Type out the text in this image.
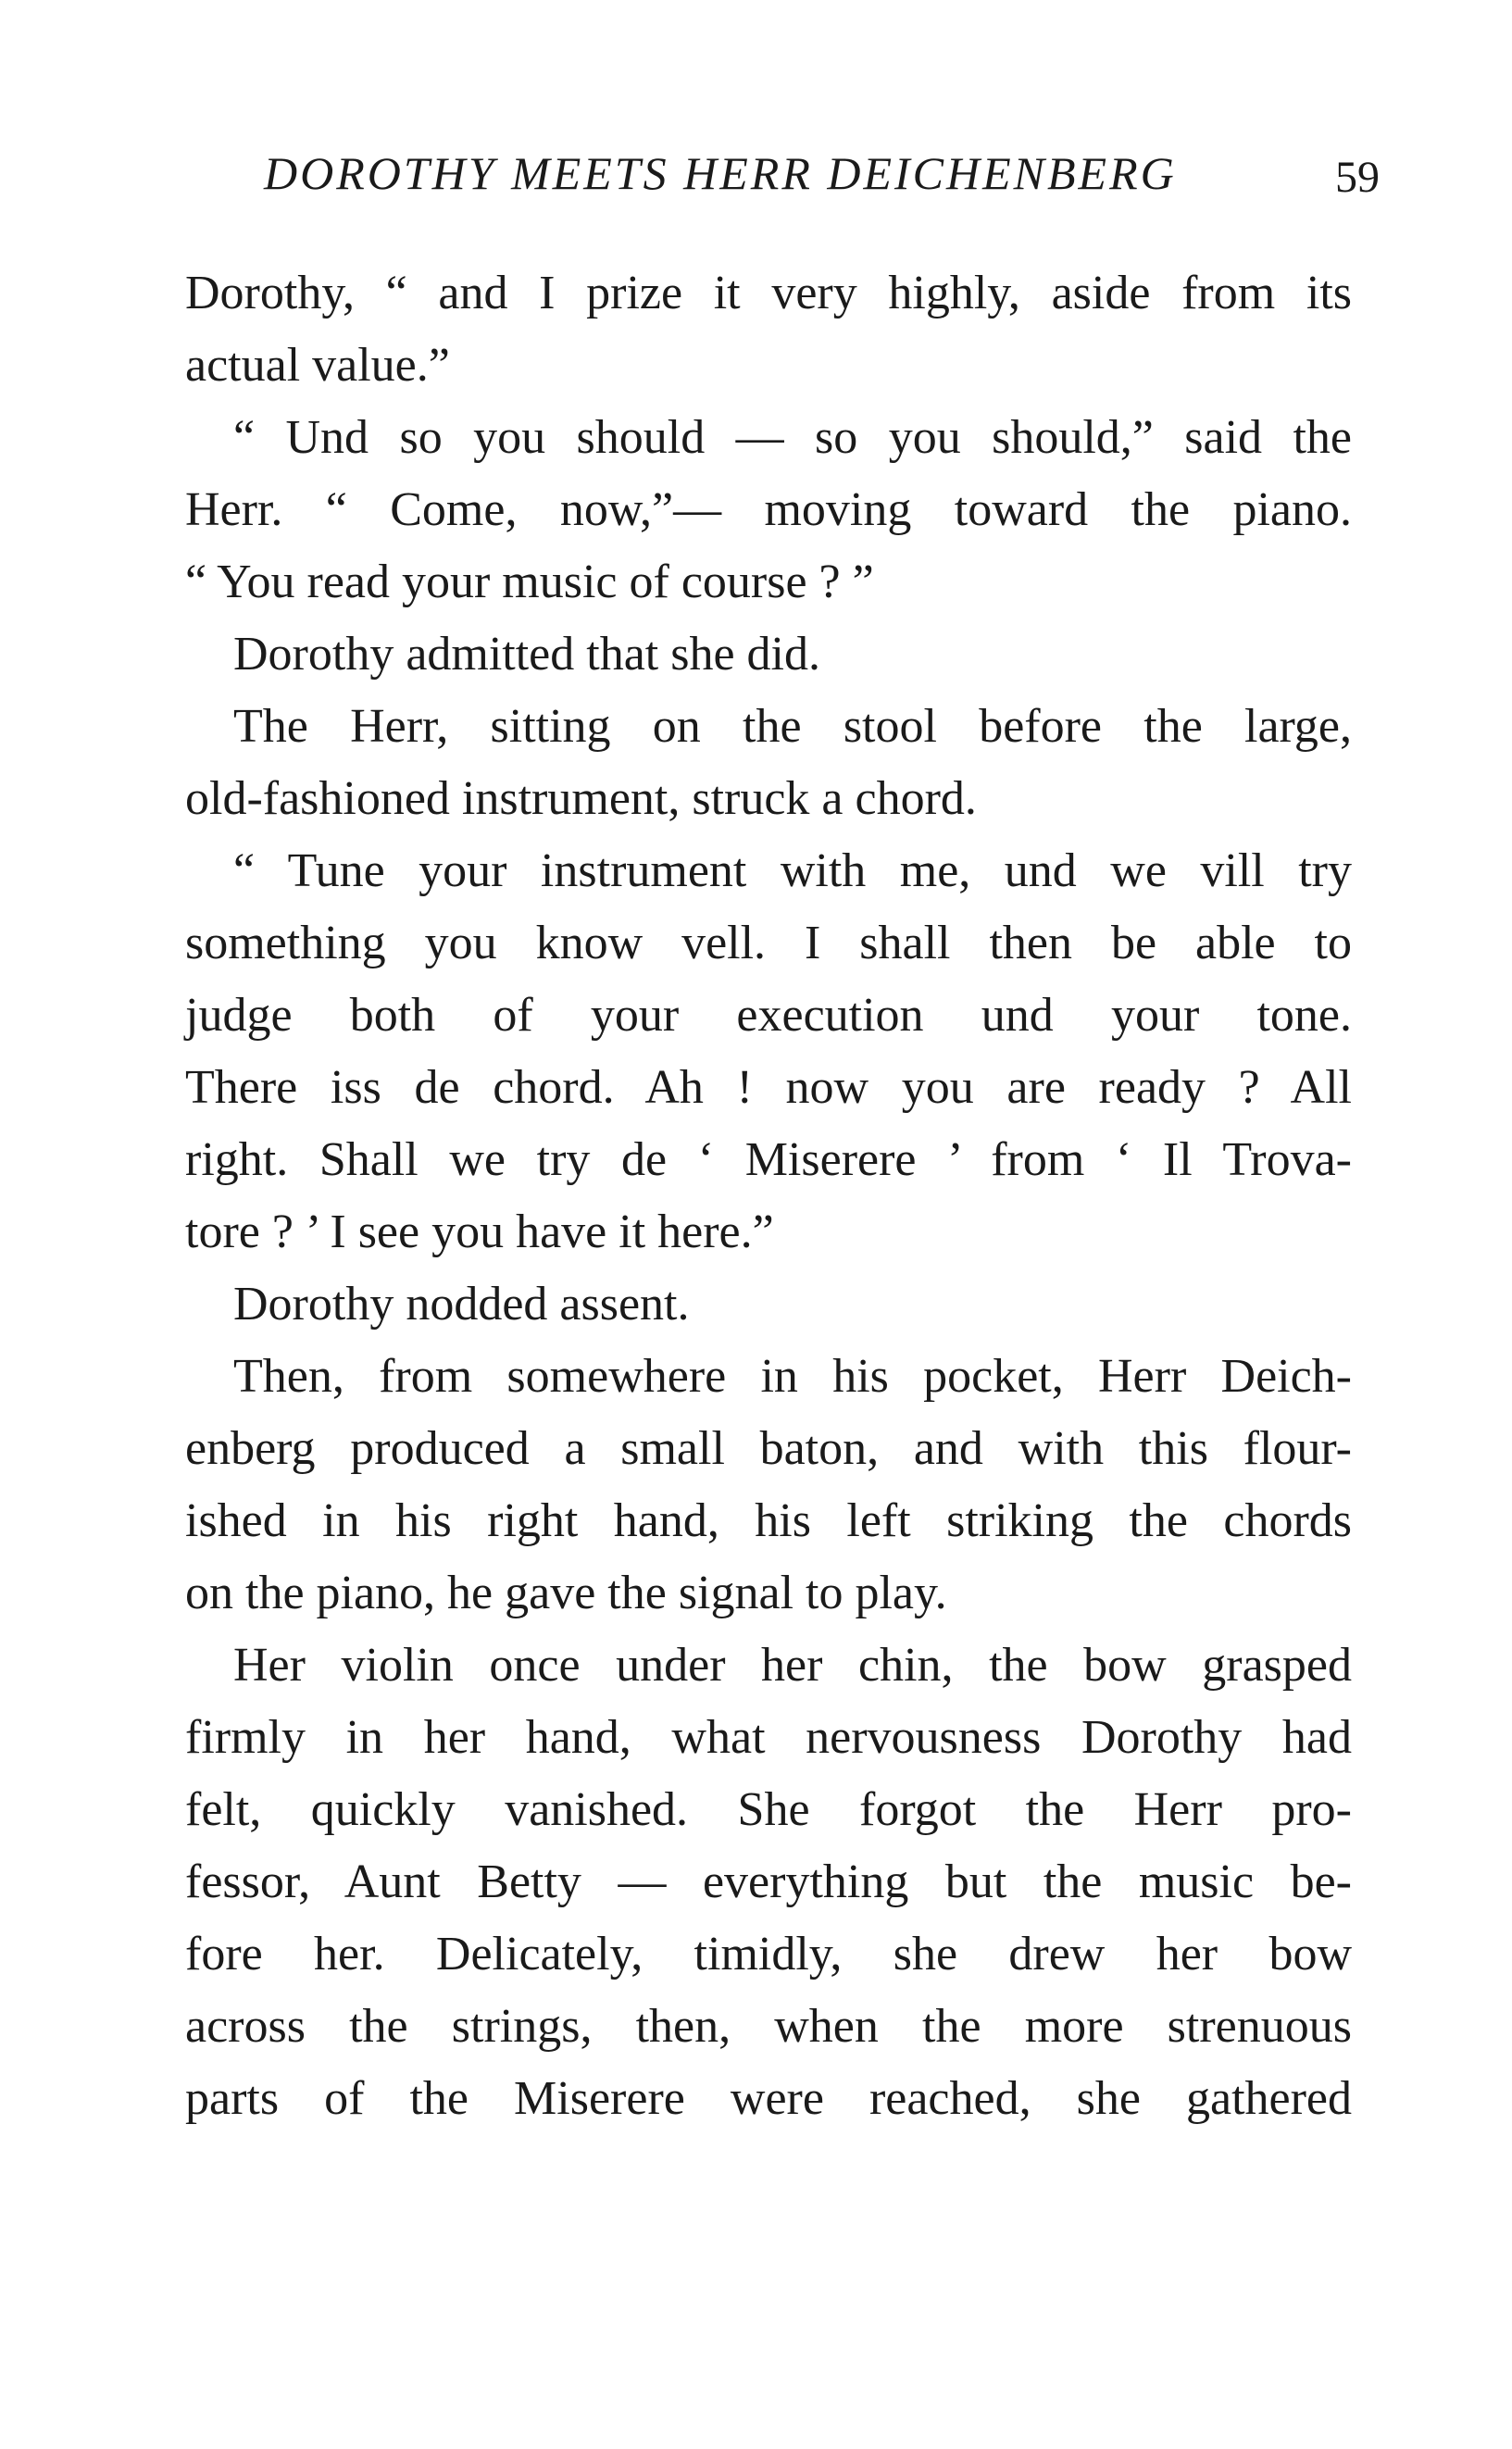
DOROTHY MEETS HERR DEICHENBERG	59
Dorothy, “ and I prize it very highly, aside from its
actual value.”
“ Und so you should — so you should,” said the
Herr. “ Come, now,”— moving toward the piano.
“ You read your music of course ? ”
Dorothy admitted that she did.
The Herr, sitting on the stool before the large,
old-fashioned instrument, struck a chord.
“ Tune your instrument with me, und we vill try
something you know vell. I shall then be able to
judge both of your execution und your tone.
There iss de chord. Ah ! now you are ready ? All
right. Shall we try de ‘ Miserere ’ from ‘ Il Trova-
tore ? ’ I see you have it here.”
Dorothy nodded assent.
Then, from somewhere in his pocket, Herr Deich-
enberg produced a small baton, and with this flour-
ished in his right hand, his left striking the chords
on the piano, he gave the signal to play.
Her violin once under her chin, the bow grasped
firmly in her hand, what nervousness Dorothy had
felt, quickly vanished. She forgot the Herr pro-
fessor, Aunt Betty — everything but the music be-
fore her. Delicately, timidly, she drew her bow
across the strings, then, when the more strenuous
parts of the Miserere were reached, she gathered
